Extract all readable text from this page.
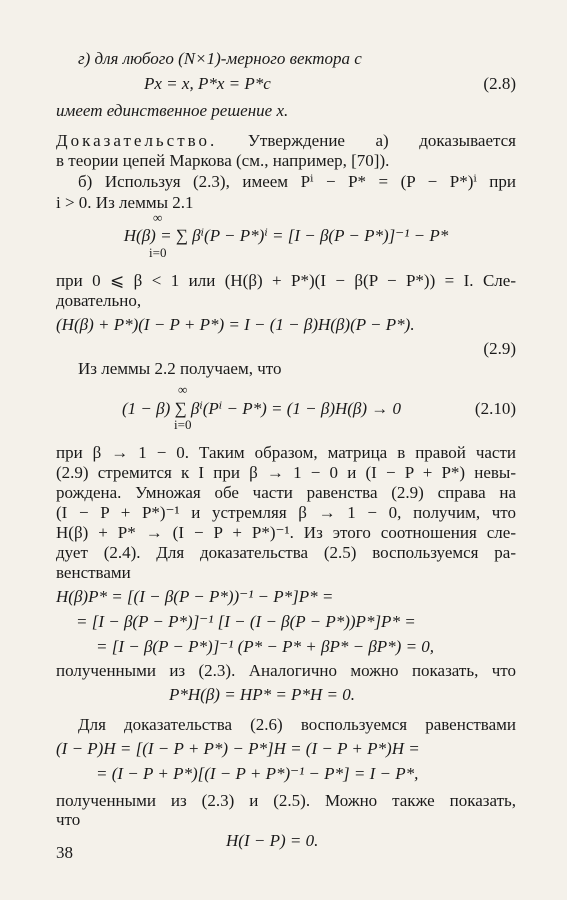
г) для любого (N×1)-мерного вектора с
Px = x, P*x = P*c	(2.8)
имеет единственное решение x.
Доказательство. Утверждение а) доказывается
в теории цепей Маркова (см., например, [70]).
б) Используя (2.3), имеем Pⁱ − P* = (P − P*)ⁱ при
i > 0. Из леммы 2.1
∞
H(β) = ∑ βⁱ(P − P*)ⁱ = [I − β(P − P*)]⁻¹ − P*
i=0
при 0 ⩽ β < 1 или (H(β) + P*)(I − β(P − P*)) = I. Сле-
довательно,
(H(β) + P*)(I − P + P*) = I − (1 − β)H(β)(P − P*).
(2.9)
Из леммы 2.2 получаем, что
∞
(1 − β) ∑ βⁱ(Pⁱ − P*) = (1 − β)H(β) → 0	(2.10)
i=0
при β → 1 − 0. Таким образом, матрица в правой части
(2.9) стремится к I при β → 1 − 0 и (I − P + P*) невы-
рождена. Умножая обе части равенства (2.9) справа на
(I − P + P*)⁻¹ и устремляя β → 1 − 0, получим, что
H(β) + P* → (I − P + P*)⁻¹. Из этого соотношения сле-
дует (2.4). Для доказательства (2.5) воспользуемся ра-
венствами
H(β)P* = [(I − β(P − P*))⁻¹ − P*]P* =
= [I − β(P − P*)]⁻¹ [I − (I − β(P − P*))P*]P* =
= [I − β(P − P*)]⁻¹ (P* − P* + βP* − βP*) = 0,
полученными из (2.3). Аналогично можно показать, что
P*H(β) = HP* = P*H = 0.
Для доказательства (2.6) воспользуемся равенствами
(I − P)H = [(I − P + P*) − P*]H = (I − P + P*)H =
= (I − P + P*)[(I − P + P*)⁻¹ − P*] = I − P*,
полученными из (2.3) и (2.5). Можно также показать,
что
H(I − P) = 0.
38
